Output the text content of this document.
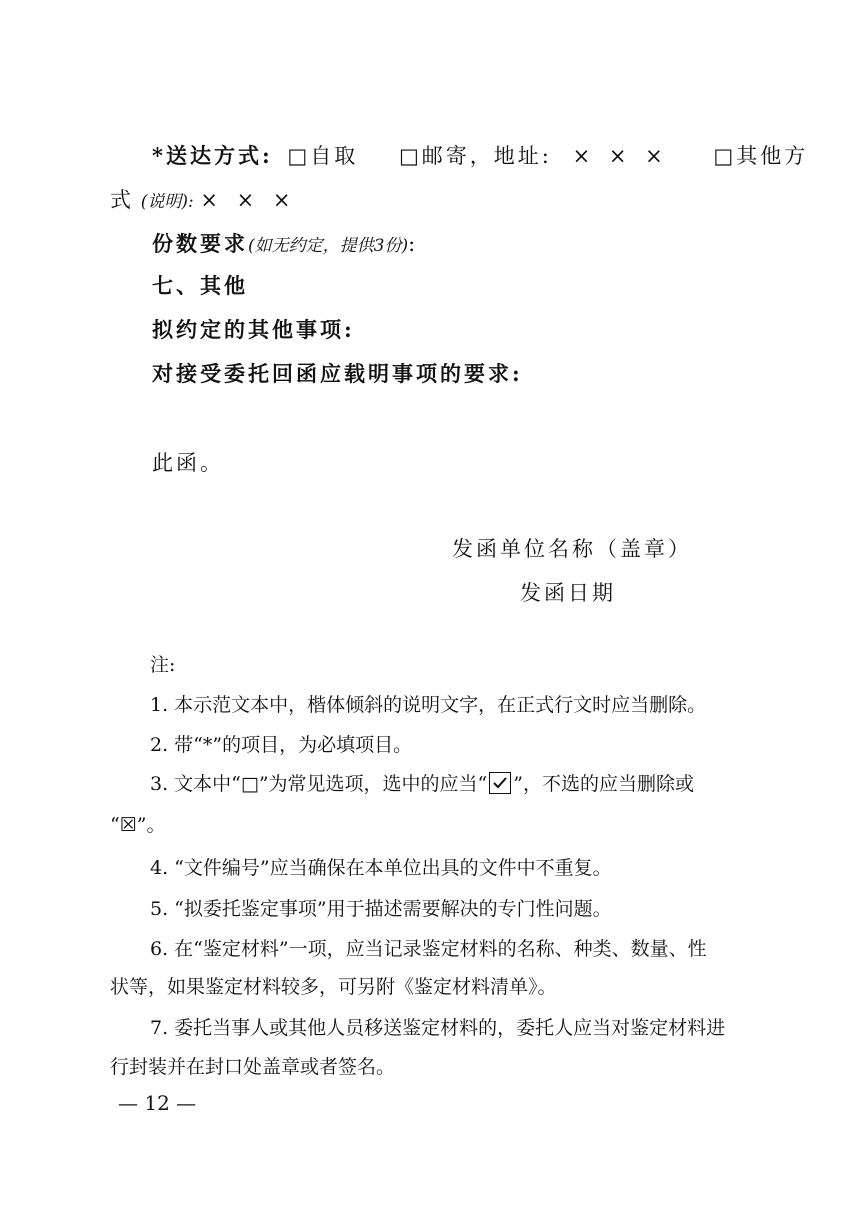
*送达方式: □自取 □邮寄，地址: × × × □其他方
式 (说明): × × ×
份数要求(如无约定，提供3份):
七、其他
拟约定的其他事项:
对接受委托回函应载明事项的要求:
此函。
发函单位名称（盖章）
发函日期
注:
1. 本示范文本中，楷体倾斜的说明文字，在正式行文时应当删除。
2. 带“*”的项目，为必填项目。
3. 文本中“□”为常见选项，选中的应当“ ”，不选的应当删除或
“☒”。
4. “文件编号”应当确保在本单位出具的文件中不重复。
5. “拟委托鉴定事项”用于描述需要解决的专门性问题。
6. 在“鉴定材料”一项，应当记录鉴定材料的名称、种类、数量、性
状等，如果鉴定材料较多，可另附《鉴定材料清单》。
7. 委托当事人或其他人员移送鉴定材料的，委托人应当对鉴定材料进
行封装并在封口处盖章或者签名。
— 12 —
